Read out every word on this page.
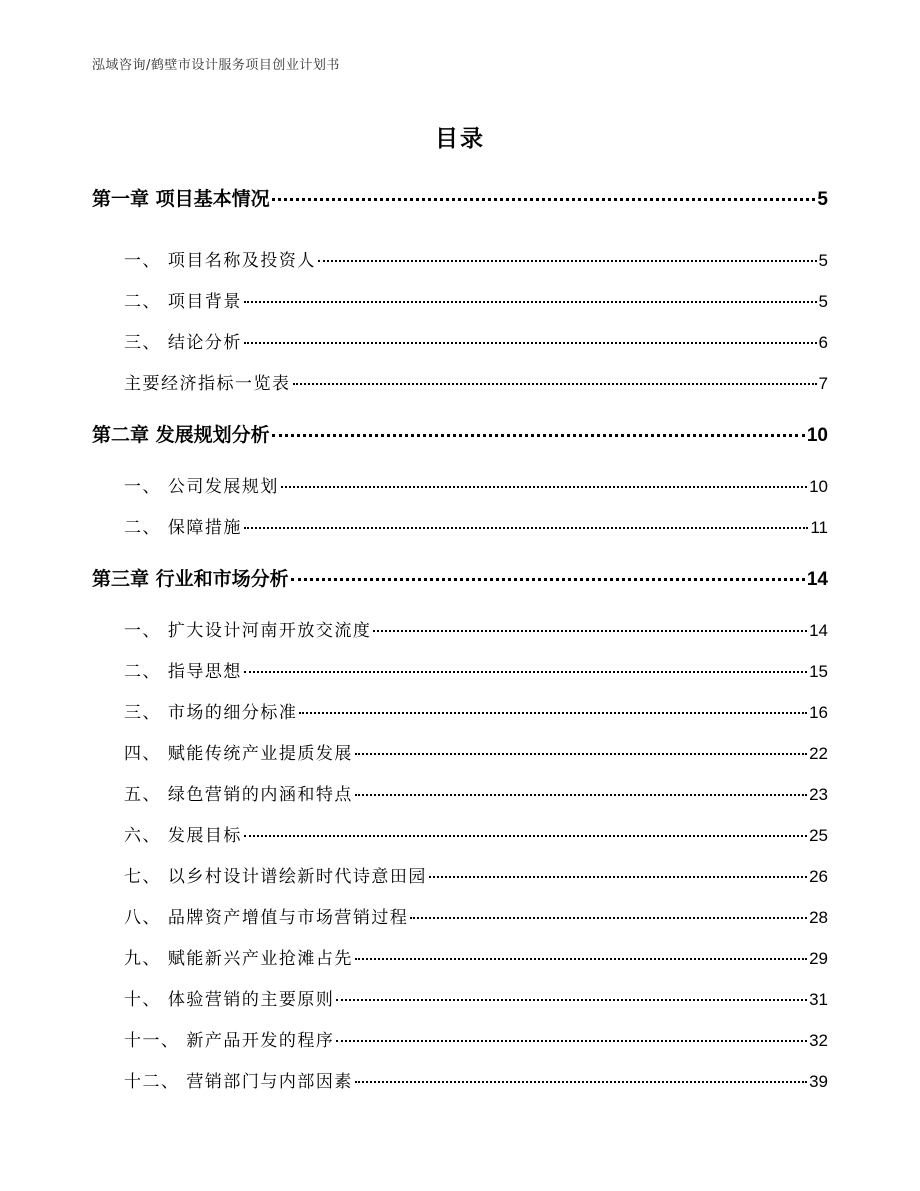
泓域咨询/鹤壁市设计服务项目创业计划书
目录
第一章 项目基本情况	5
一、 项目名称及投资人	5
二、 项目背景	5
三、 结论分析	6
主要经济指标一览表	7
第二章 发展规划分析	10
一、 公司发展规划	10
二、 保障措施	11
第三章 行业和市场分析	14
一、 扩大设计河南开放交流度	14
二、 指导思想	15
三、 市场的细分标准	16
四、 赋能传统产业提质发展	22
五、 绿色营销的内涵和特点	23
六、 发展目标	25
七、 以乡村设计谱绘新时代诗意田园	26
八、 品牌资产增值与市场营销过程	28
九、 赋能新兴产业抢滩占先	29
十、 体验营销的主要原则	31
十一、 新产品开发的程序	32
十二、 营销部门与内部因素	39
